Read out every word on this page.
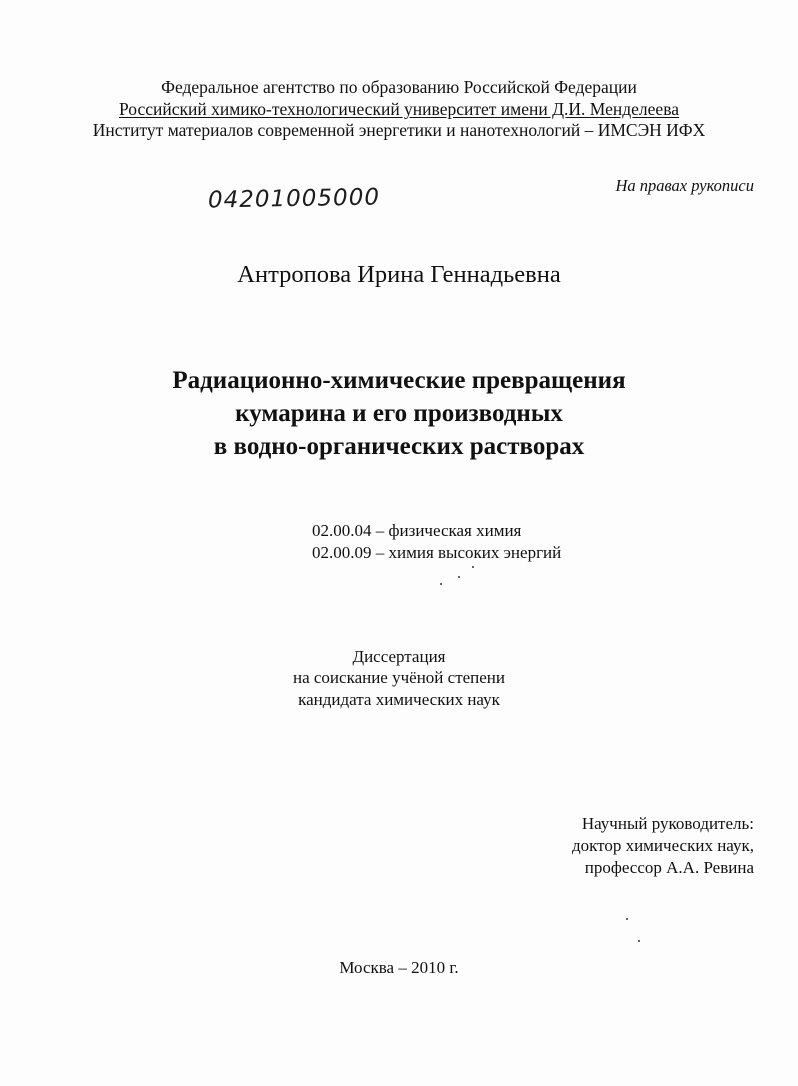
Федеральное агентство по образованию Российской Федерации
Российский химико-технологический университет имени Д.И. Менделеева
Институт материалов современной энергетики и нанотехнологий – ИМСЭН ИФХ
04201005000	На правах рукописи
Антропова Ирина Геннадьевна
Радиационно-химические превращения
кумарина и его производных
в водно-органических растворах
02.00.04 – физическая химия
02.00.09 – химия высоких энергий
Диссертация
на соискание учёной степени
кандидата химических наук
Научный руководитель:
доктор химических наук,
профессор А.А. Ревина
Москва – 2010 г.
